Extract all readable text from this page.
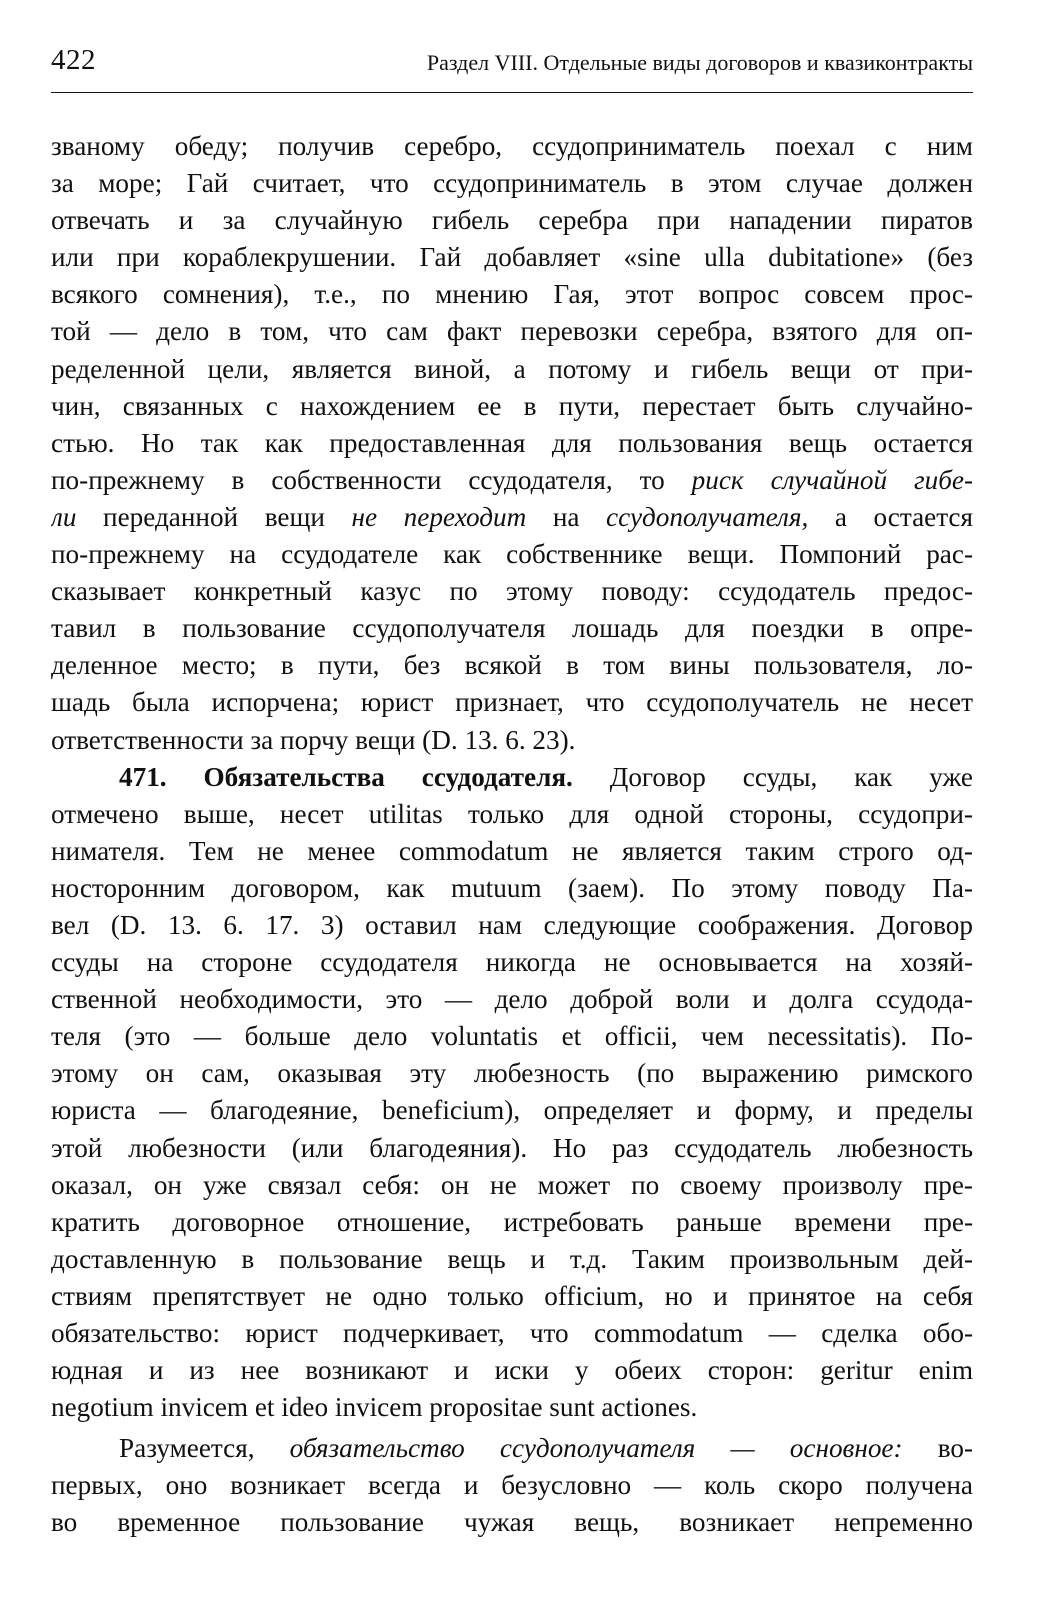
422	Раздел VIII. Отдельные виды договоров и квазиконтракты
званому обеду; получив серебро, ссудоприниматель поехал с ним
за море; Гай считает, что ссудоприниматель в этом случае должен
отвечать и за случайную гибель серебра при нападении пиратов
или при кораблекрушении. Гай добавляет «sine ulla dubitatione» (без
всякого сомнения), т.е., по мнению Гая, этот вопрос совсем прос-
той — дело в том, что сам факт перевозки серебра, взятого для оп-
ределенной цели, является виной, а потому и гибель вещи от при-
чин, связанных с нахождением ее в пути, перестает быть случайно-
стью. Но так как предоставленная для пользования вещь остается
по-прежнему в собственности ссудодателя, то риск случайной гибе-
ли переданной вещи не переходит на ссудополучателя, а остается
по-прежнему на ссудодателе как собственнике вещи. Помпоний рас-
сказывает конкретный казус по этому поводу: ссудодатель предос-
тавил в пользование ссудополучателя лошадь для поездки в опре-
деленное место; в пути, без всякой в том вины пользователя, ло-
шадь была испорчена; юрист признает, что ссудополучатель не несет
ответственности за порчу вещи (D. 13. 6. 23).
471. Обязательства ссудодателя. Договор ссуды, как уже
отмечено выше, несет utilitas только для одной стороны, ссудопри-
нимателя. Тем не менее commodatum не является таким строго од-
носторонним договором, как mutuum (заем). По этому поводу Па-
вел (D. 13. 6. 17. 3) оставил нам следующие соображения. Договор
ссуды на стороне ссудодателя никогда не основывается на хозяй-
ственной необходимости, это — дело доброй воли и долга ссудода-
теля (это — больше дело voluntatis et officii, чем necessitatis). По-
этому он сам, оказывая эту любезность (по выражению римского
юриста — благодеяние, beneficium), определяет и форму, и пределы
этой любезности (или благодеяния). Но раз ссудодатель любезность
оказал, он уже связал себя: он не может по своему произволу пре-
кратить договорное отношение, истребовать раньше времени пре-
доставленную в пользование вещь и т.д. Таким произвольным дей-
ствиям препятствует не одно только officium, но и принятое на себя
обязательство: юрист подчеркивает, что commodatum — сделка обо-
юдная и из нее возникают и иски у обеих сторон: geritur enim
negotium invicem et ideo invicem propositae sunt actiones.
Разумеется, обязательство ссудополучателя — основное: во-
первых, оно возникает всегда и безусловно — коль скоро получена
во временное пользование чужая вещь, возникает непременно
